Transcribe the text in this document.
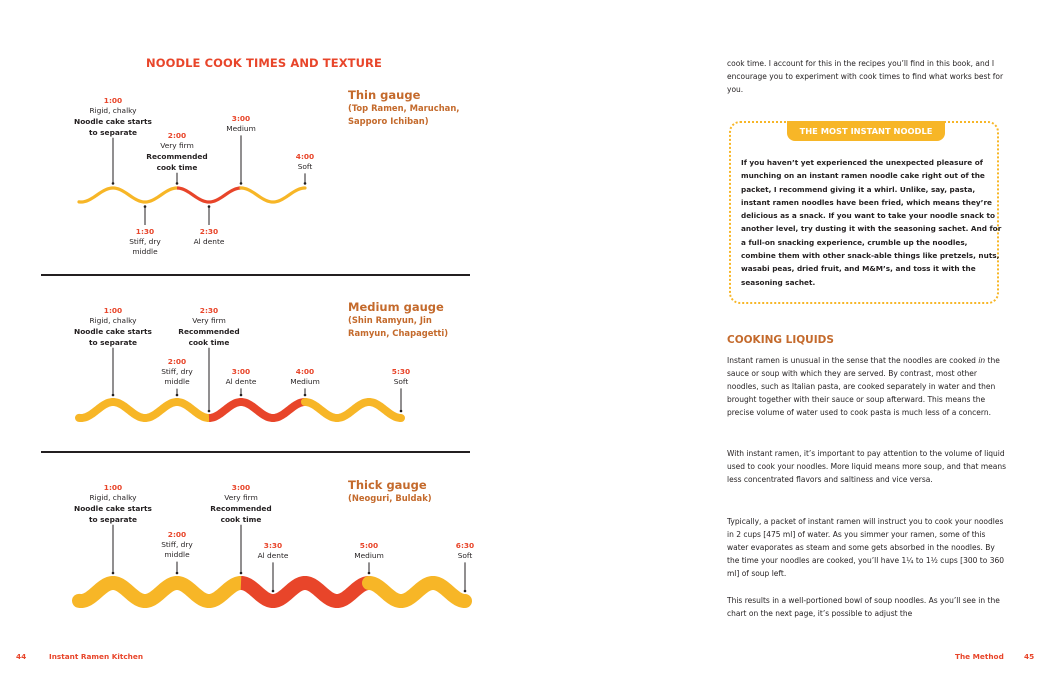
NOODLE COOK TIMES AND TEXTURE
1:00
Rigid, chalky
Noodle cake starts to separate
1:30
Stiff, dry middle
2:00
Very firm
Recommended cook time
2:30
Al dente
3:00
Medium
4:00
Soft
1:00
Rigid, chalky
Noodle cake starts to separate
2:00
Stiff, dry middle
2:30
Very firm
Recommended cook time
3:00
Al dente
4:00
Medium
5:30
Soft
1:00
Rigid, chalky
Noodle cake starts to separate
2:00
Stiff, dry middle
3:00
Very firm
Recommended cook time
3:30
Al dente
5:00
Medium
6:30
Soft
Thin gauge
(Top Ramen, Maruchan, Sapporo Ichiban)
Medium gauge
(Shin Ramyun, Jin Ramyun, Chapagetti)
Thick gauge
(Neoguri, Buldak)
44	Instant Ramen Kitchen
cook time. I account for this in the recipes you’ll find in this book, and I encourage you to experiment with cook times to find what works best for you.
THE MOST INSTANT NOODLE
If you haven’t yet experienced the unexpected pleasure of munching on an instant ramen noodle cake right out of the packet, I recommend giving it a whirl. Unlike, say, pasta, instant ramen noodles have been fried, which means they’re delicious as a snack. If you want to take your noodle snack to another level, try dusting it with the seasoning sachet. And for a full-on snacking experience, crumble up the noodles, combine them with other snack-able things like pretzels, nuts, wasabi peas, dried fruit, and M&M’s, and toss it with the seasoning sachet.
COOKING LIQUIDS

Instant ramen is unusual in the sense that the noodles are cooked in the sauce or soup with which they are served. By contrast, most other noodles, such as Italian pasta, are cooked separately in water and then brought together with their sauce or soup afterward. This means the precise volume of water used to cook pasta is much less of a concern.

With instant ramen, it’s important to pay attention to the volume of liquid used to cook your noodles. More liquid means more soup, and that means less concentrated flavors and saltiness and vice versa.

Typically, a packet of instant ramen will instruct you to cook your noodles in 2 cups [475 ml] of water. As you simmer your ramen, some of this water evaporates as steam and some gets absorbed in the noodles. By the time your noodles are cooked, you’ll have 1¼ to 1½ cups [300 to 360 ml] of soup left.

This results in a well-portioned bowl of soup noodles. As you’ll see in the chart on the next page, it’s possible to adjust the

The Method	45
